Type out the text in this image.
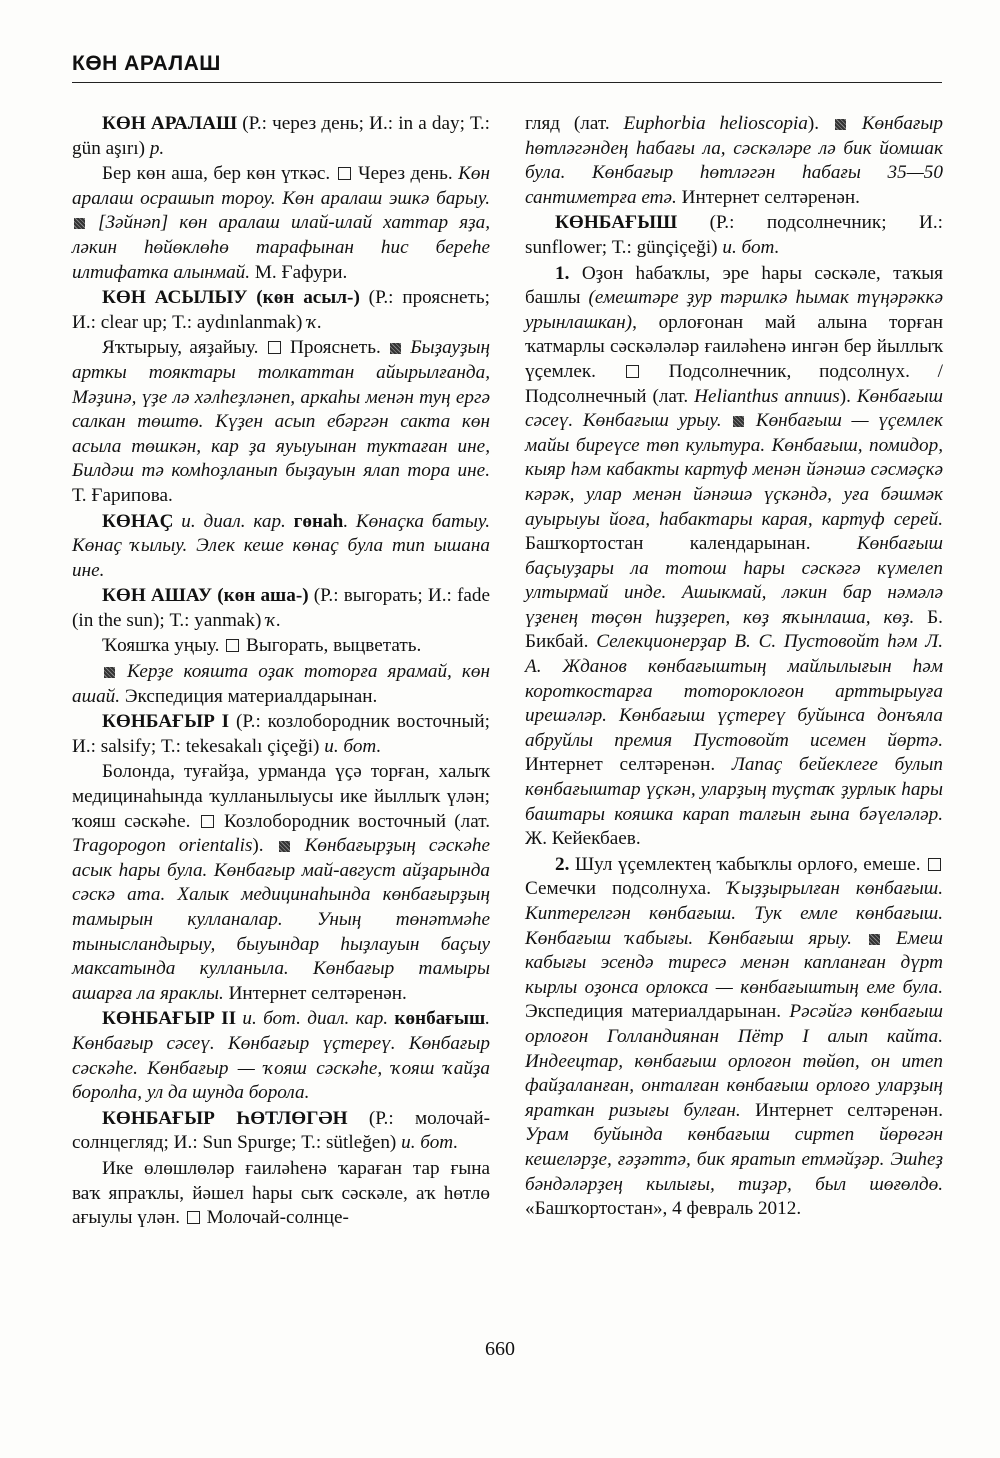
КӨН АРАЛАШ

КӨН АРАЛАШ (Р.: через день; И.: in a day; Т.: gün aşırı) р.

Бер көн аша, бер көн үткәс.  Через день. Көн аралаш осрашып тороу. Көн аралаш эшкә барыу.  [Зәйнәп] көн аралаш илай-илай хаттар яҙа, ләкин һөйөклөһө тарафынан һис береһе илтифатка алынмай. М. Ғафури.

КӨН АСЫЛЫУ (көн асыл-) (Р.: прояснеть; И.: clear up; Т.: aydınlanmak) ҡ.

Яҡтырыу, аяҙайыу.  Прояснеть.  Быҙауҙың арткы тояктары толкаттан айырылғанда, Мәҙинә, үҙе лә хәлһеҙләнеп, аркаһы менән туң ергә салкан төштө. Күҙен асып ебәргән сакта көн асыла төшкән, кар ҙа яуыуынан туктаған ине, Билдәш тә комһоҙланып быҙауын ялап тора ине. Т. Ғарипова.

КӨНАҪ и. диал. кар. гөнаһ. Көнаҫка батыу. Көнаҫ ҡылыу. Элек кеше көнаҫ була тип ышана ине.

КӨН АШАУ (көн аша-) (Р.: выгорать; И.: fade (in the sun); Т.: yanmak) ҡ.

Ҡояшҡа уңыу.  Выгорать, выцветать.

Керҙе кояшта оҙак тоторға ярамай, көн ашай. Экспедиция материалдарынан.

КӨНБАҒЫР I (Р.: козлобородник восточный; И.: salsify; Т.: tekesakalı çiçeği) и. бот.

Болонда, туғайҙа, урманда үҫә торған, халыҡ медицинаһында ҡулланылыусы ике йыллыҡ үлән; ҡояш сәскәһе.  Козлобородник восточный (лат. Tragopogon orientalis).  Көнбағырҙың сәскәһе асык һары була. Көнбағыр май-август айҙарында сәскә ата. Халык медицинаһында көнбағырҙың тамырын кулланалар. Уның төнәтмәһе тынысландырыу, быуындар һыҙлауын баҫыу максатында кулланыла. Көнбағыр тамыры ашарға ла яраклы. Интернет селтәренән.

КӨНБАҒЫР II и. бот. диал. кар. көнбағыш. Көнбағыр сәсеү. Көнбағыр үҫтереү. Көнбағыр сәскәһе. Көнбағыр — ҡояш сәскәһе, ҡояш ҡайҙа боролһа, ул да шунда борола.

КӨНБАҒЫР ҺӨТЛӨГӘН (Р.: молочай-солнцегляд; И.: Sun Spurge; Т.: sütleğen) и. бот.

Ике өлөшлөләр ғаиләһенә ҡараған тар ғына ваҡ япраҡлы, йәшел һары сыҡ сәскәле, аҡ һөтлө ағыулы үлән.  Молочай-солнце-

гляд (лат. Euphorbia helioscopia).  Көнбағыр һөтләгәндең һабағы ла, сәскәләре лә бик йомшак була. Көнбағыр һөтләгән һабағы 35—50 сантиметрға етә. Интернет селтәренән.

КӨНБАҒЫШ (Р.: подсолнечник; И.: sunflower; Т.: günçiçeği) и. бот.

1. Оҙон һабаҡлы, эре һары сәскәле, таҡыя башлы (емештәре ҙур тәрилкә һымак түңәрәккә урынлашкан), орлоғонан май алына торған ҡатмарлы сәскәләләр ғаиләһенә ингән бер йыллыҡ үҫемлек.  Подсолнечник, подсолнух. / Подсолнечный (лат. Helianthus annuus). Көнбағыш сәсеү. Көнбағыш урыу.  Көнбағыш — үҫемлек майы биреүсе төп культура. Көнбағыш, помидор, кыяр һәм кабакты картуф менән йәнәшә сәсмәҫкә кәрәк, улар менән йәнәшә үҫкәндә, уға бәшмәк ауырыуы йоға, һабактары карая, картуф серей. Башҡортостан календарынан. Көнбағыш баҫыуҙары ла тотош һары сәскәгә күмелеп ултырмай инде. Ашыкмай, ләкин бар нәмәлә үҙенең төҫөн һиҙҙереп, көҙ яҡынлаша, көҙ. Б. Бикбай. Селекционерҙар В. С. Пустовойт һәм Л. А. Жданов көнбағыштың майлылығын һәм короткостарға тотороклоғон арттырыуға ирешәләр. Көнбағыш үҫтереү буйынса донъяла абруйлы премия Пустовойт исемен йөртә. Интернет селтәренән. Лапаҫ бейеклеге булып көнбағыштар үҫкән, уларҙың туҫтаҡ ҙурлык һары баштары кояшка карап талғын ғына бәүеләләр. Ж. Кейекбаев.

2. Шул үҫемлектең ҡабыҡлы орлоғо, емеше.  Семечки подсолнуха. Ҡыҙҙырылған көнбағыш. Киптерелгән көнбағыш. Тук емле көнбағыш. Көнбағыш ҡабығы. Көнбағыш ярыу.  Емеш кабығы эсендә тиресә менән капланған дүрт кырлы оҙонса орлокса — көнбағыштың еме була. Экспедиция материалдарынан. Рәсәйгә көнбағыш орлоғон Голландиянан Пётр I алып кайта. Индеецтар, көнбағыш орлоғон төйөп, он итеп файҙаланған, онталған көнбағыш орлоғо уларҙың яраткан ризығы булған. Интернет селтәренән. Урам буйында көнбағыш сиртеп йөрөгән кешеләрҙе, ғәҙәттә, бик яратып етмәйҙәр. Эшһеҙ бәндәләрҙең кылығы, тиҙәр, был шөғөлдө. «Башҡортостан», 4 февраль 2012.

660
